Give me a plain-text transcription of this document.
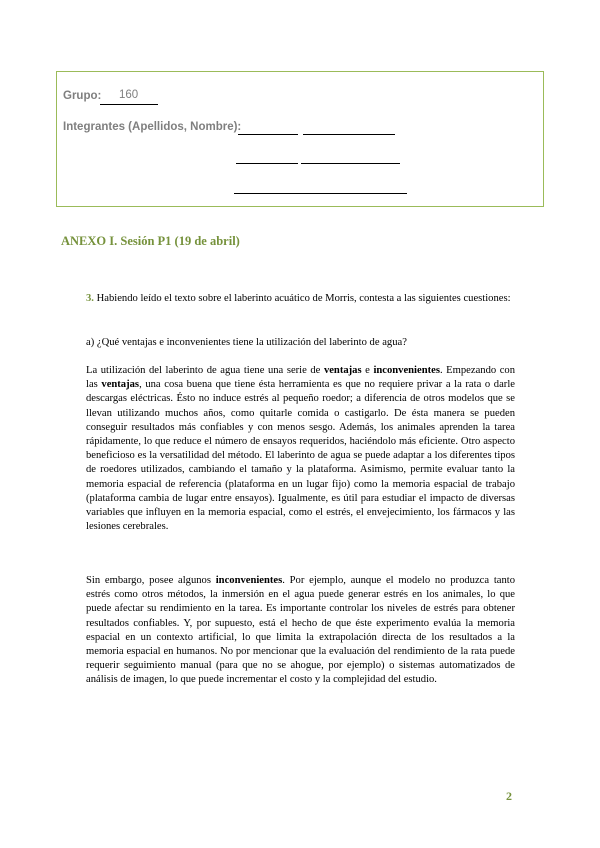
Grupo: 160
Integrantes (Apellidos, Nombre):
ANEXO I. Sesión P1 (19 de abril)

3. Habiendo leído el texto sobre el laberinto acuático de Morris, contesta a las siguientes cuestiones:

a) ¿Qué ventajas e inconvenientes tiene la utilización del laberinto de agua?

La utilización del laberinto de agua tiene una serie de ventajas e inconvenientes. Empezando con las ventajas, una cosa buena que tiene ésta herramienta es que no requiere privar a la rata o darle descargas eléctricas. Ésto no induce estrés al pequeño roedor; a diferencia de otros modelos que se llevan utilizando muchos años, como quitarle comida o castigarlo. De ésta manera se pueden conseguir resultados más confiables y con menos sesgo. Además, los animales aprenden la tarea rápidamente, lo que reduce el número de ensayos requeridos, haciéndolo más eficiente. Otro aspecto beneficioso es la versatilidad del método. El laberinto de agua se puede adaptar a los diferentes tipos de roedores utilizados, cambiando el tamaño y la plataforma. Asimismo, permite evaluar tanto la memoria espacial de referencia (plataforma en un lugar fijo) como la memoria espacial de trabajo (plataforma cambia de lugar entre ensayos). Igualmente, es útil para estudiar el impacto de diversas variables que influyen en la memoria espacial, como el estrés, el envejecimiento, los fármacos y las lesiones cerebrales.

Sin embargo, posee algunos inconvenientes. Por ejemplo, aunque el modelo no produzca tanto estrés como otros métodos, la inmersión en el agua puede generar estrés en los animales, lo que puede afectar su rendimiento en la tarea. Es importante controlar los niveles de estrés para obtener resultados confiables. Y, por supuesto, está el hecho de que éste experimento evalúa la memoria espacial en un contexto artificial, lo que limita la extrapolación directa de los resultados a la memoria espacial en humanos. No por mencionar que la evaluación del rendimiento de la rata puede requerir seguimiento manual (para que no se ahogue, por ejemplo) o sistemas automatizados de análisis de imagen, lo que puede incrementar el costo y la complejidad del estudio.

2
